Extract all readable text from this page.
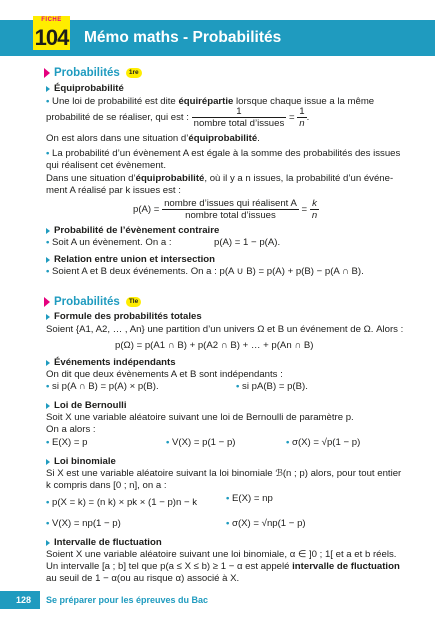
FICHE
104 Mémo maths - Probabilités
Probabilités	1re
Équiprobabilité
• Une loi de probabilité est dite équirépartie lorsque chaque issue a la même
probabilité de se réaliser, qui est : $\frac{1}{\text{nombre total d’issues}} = \frac{1}{n}$ .
On est alors dans une situation d’équiprobabilité.
• La probabilité d’un évènement A est égale à la somme des probabilités des issues
qui réalisent cet évènement.
Dans une situation d’équiprobabilité, où il y a n issues, la probabilité d’un événe-
ment A réalisé par k issues est :
$p(A) = \frac{\text{nombre d’issues qui réalisent A}}{\text{nombre total d’issues}} = \frac{k}{n}$
Probabilité de l’évènement contraire
• Soit A un évènement. On a :	p(A) = 1 − p(A).
Relation entre union et intersection
• Soient A et B deux événements. On a : p(A ∪ B) = p(A) + p(B) − p(A ∩ B).
Probabilités	Tle
Formule des probabilités totales
Soient {A1, A2, … , An} une partition d’un univers Ω et B un événement de Ω. Alors :
p(Ω) = p(A1 ∩ B) + p(A2 ∩ B) + … + p(An ∩ B)
Événements indépendants
On dit que deux évènements A et B sont indépendants :
• si p(A ∩ B) = p(A) × p(B).	• si pA(B) = p(B).
Loi de Bernoulli
Soit X une variable aléatoire suivant une loi de Bernoulli de paramètre p.
On a alors :
• E(X) = p	• V(X) = p(1 − p)	• σ(X) = √p(1 − p)
Loi binomiale
Si X est une variable aléatoire suivant la loi binomiale ℬ(n ; p) alors, pour tout entier
k compris dans [0 ; n], on a :
• p(X = k) = (n k) × pk × (1 − p)n − k	• E(X) = np
• V(X) = np(1 − p)	• σ(X) = √np(1 − p)
Intervalle de fluctuation
Soient X une variable aléatoire suivant une loi binomiale, α ∈ ]0 ; 1[ et a et b réels.
Un intervalle [a ; b] tel que p(a ≤ X ≤ b) ≥ 1 − α est appelé intervalle de fluctuation
au seuil de 1 − α(ou au risque α) associé à X.
128 Se préparer pour les épreuves du Bac
